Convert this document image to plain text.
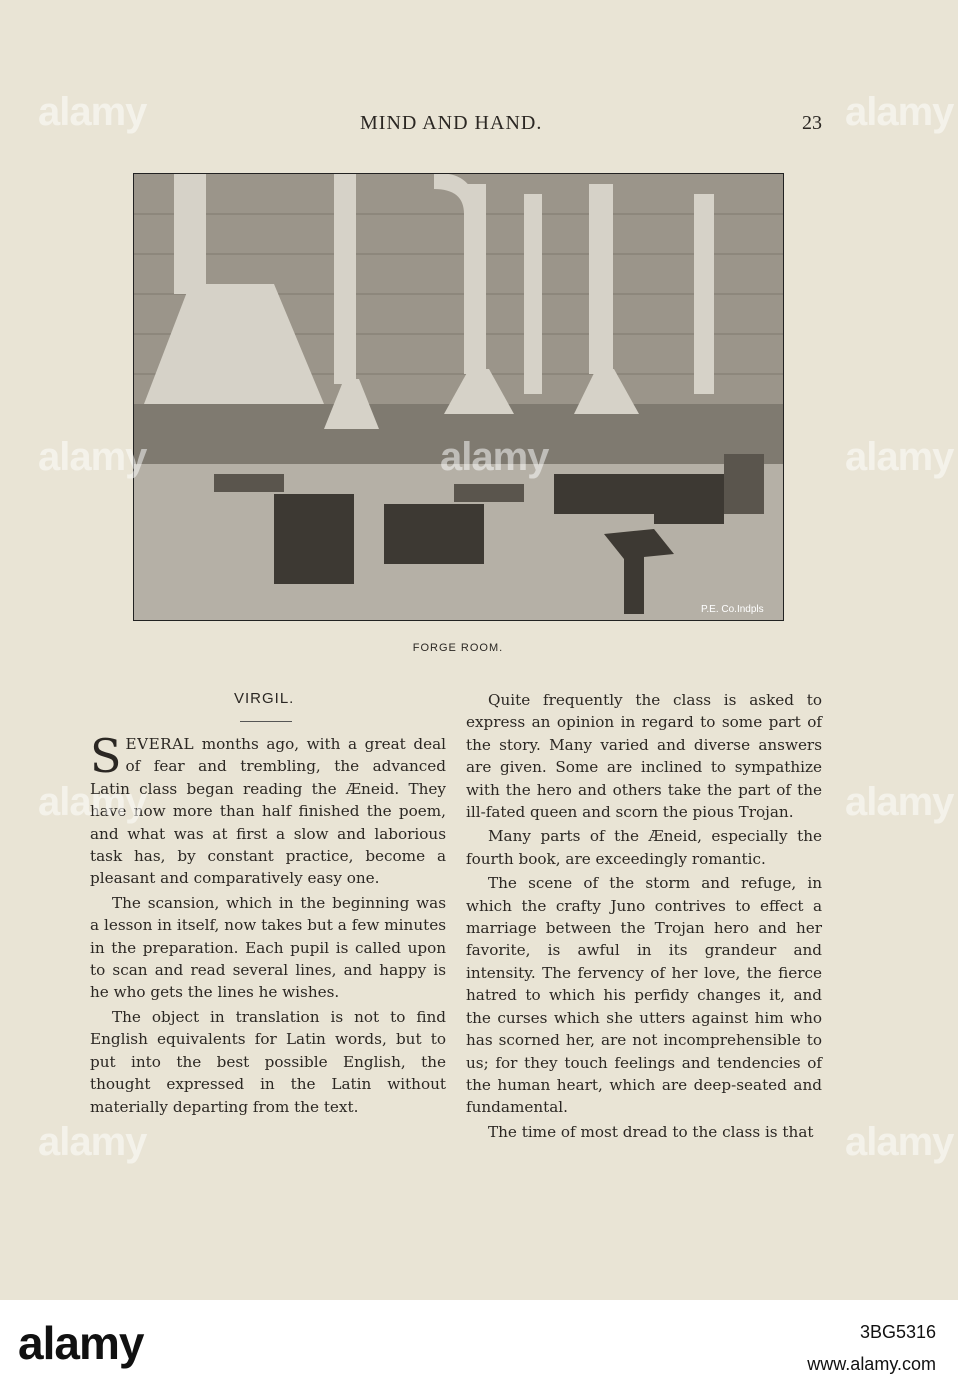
MIND AND HAND.	23
P.E. Co.Indpls
FORGE ROOM.
VIRGIL.

SEVERAL months ago, with a great deal of fear and trembling, the advanced Latin class began reading the Æneid. They have now more than half finished the poem, and what was at first a slow and laborious task has, by constant practice, become a pleasant and comparatively easy one.

The scansion, which in the beginning was a lesson in itself, now takes but a few minutes in the preparation. Each pupil is called upon to scan and read several lines, and happy is he who gets the lines he wishes.

The object in translation is not to find English equivalents for Latin words, but to put into the best possible English, the thought expressed in the Latin without materially departing from the text.

Quite frequently the class is asked to express an opinion in regard to some part of the story. Many varied and diverse answers are given. Some are inclined to sympathize with the hero and others take the part of the ill-fated queen and scorn the pious Trojan.

Many parts of the Æneid, especially the fourth book, are exceedingly romantic.

The scene of the storm and refuge, in which the crafty Juno contrives to effect a marriage between the Trojan hero and her favorite, is awful in its grandeur and intensity. The fervency of her love, the fierce hatred to which his perfidy changes it, and the curses which she utters against him who has scorned her, are not incomprehensible to us; for they touch feelings and tendencies of the human heart, which are deep-seated and fundamental.

The time of most dread to the class is that

alamy	alamy
alamy	alamy
alamy	alamy
alamy	alamy
alamy
alamy	3BG5316
www.alamy.com
